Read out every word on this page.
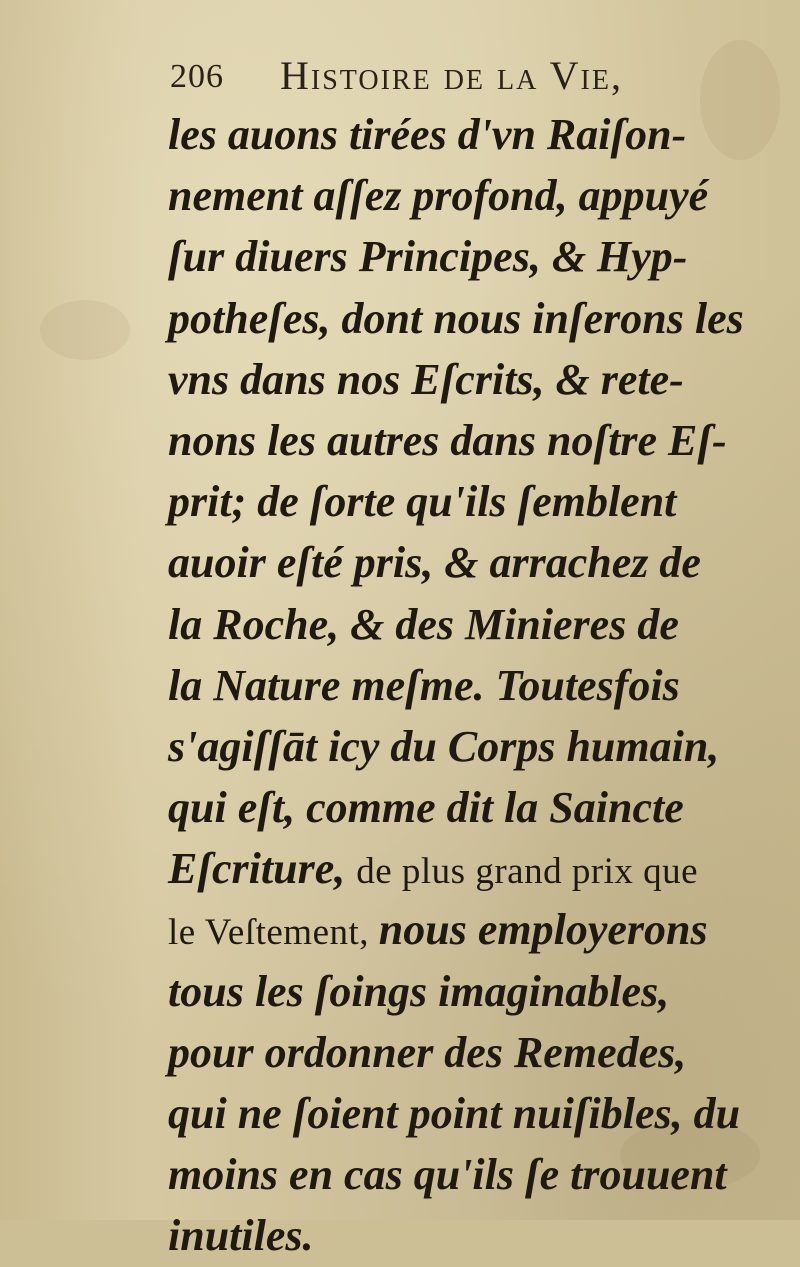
206 Histoire de la Vie,
les auons tirées d'vn Raiſon-
nement aſſez profond, appuyé
ſur diuers Principes, & Hyp-
potheſes, dont nous inſerons les
vns dans nos Eſcrits, & rete-
nons les autres dans noſtre Eſ-
prit; de ſorte qu'ils ſemblent
auoir eſté pris, & arrachez de
la Roche, & des Minieres de
la Nature meſme. Toutesfois
s'agiſſāt icy du Corps humain,
qui eſt, comme dit la Saincte
Eſcriture, de plus grand prix que
le Veſtement, nous employerons
tous les ſoings imaginables,
pour ordonner des Remedes,
qui ne ſoient point nuiſibles, du
moins en cas qu'ils ſe trouuent
inutiles.
